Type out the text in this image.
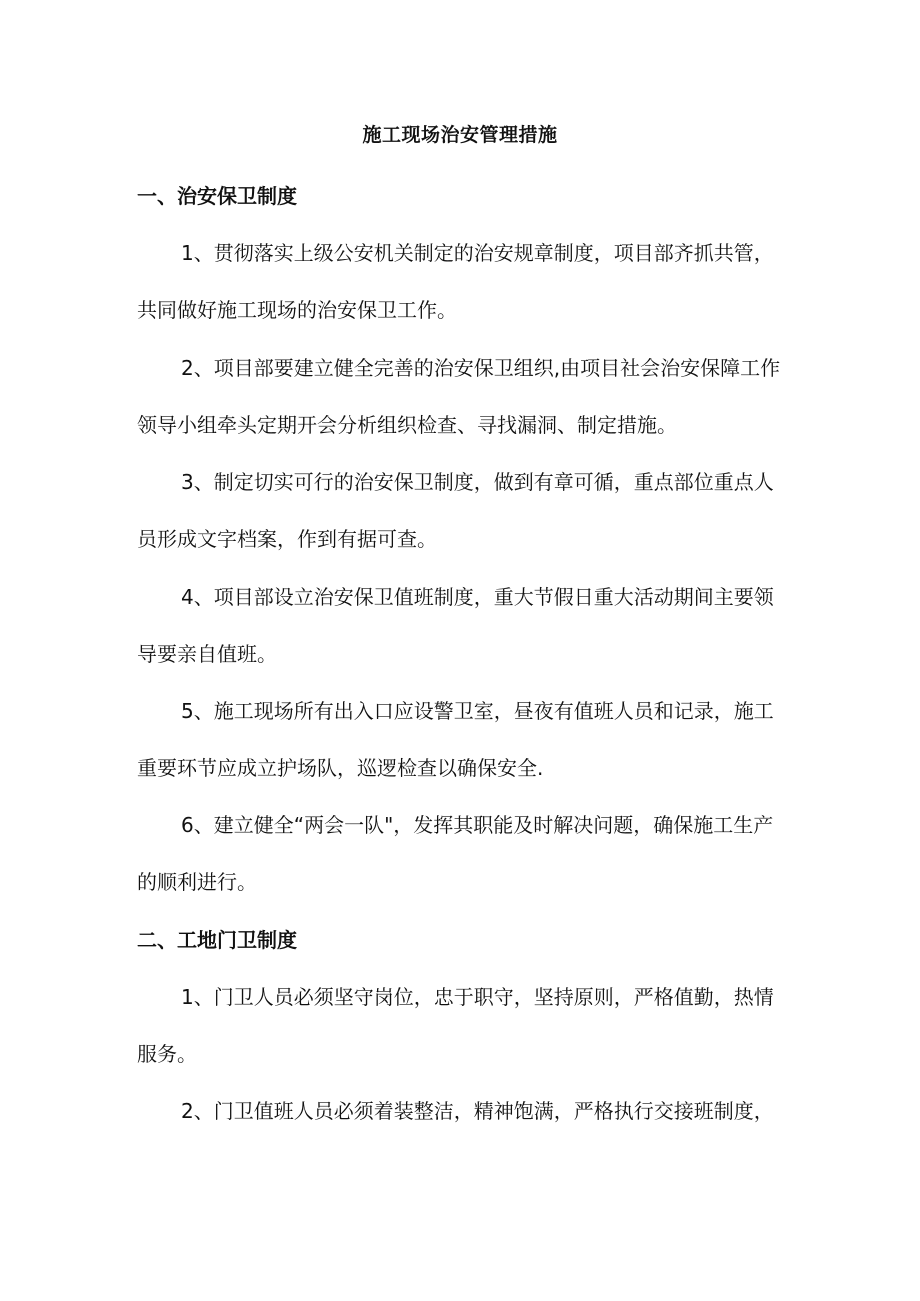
施工现场治安管理措施
一、治安保卫制度
1、贯彻落实上级公安机关制定的治安规章制度，项目部齐抓共管，
共同做好施工现场的治安保卫工作。
2、项目部要建立健全完善的治安保卫组织,由项目社会治安保障工作
领导小组牵头定期开会分析组织检查、寻找漏洞、制定措施。
3、制定切实可行的治安保卫制度，做到有章可循，重点部位重点人
员形成文字档案，作到有据可查。
4、项目部设立治安保卫值班制度，重大节假日重大活动期间主要领
导要亲自值班。
5、施工现场所有出入口应设警卫室，昼夜有值班人员和记录，施工
重要环节应成立护场队，巡逻检查以确保安全.
6、建立健全“两会一队"，发挥其职能及时解决问题，确保施工生产
的顺利进行。
二、工地门卫制度
1、门卫人员必须坚守岗位，忠于职守，坚持原则，严格值勤，热情
服务。
2、门卫值班人员必须着装整洁，精神饱满，严格执行交接班制度，
